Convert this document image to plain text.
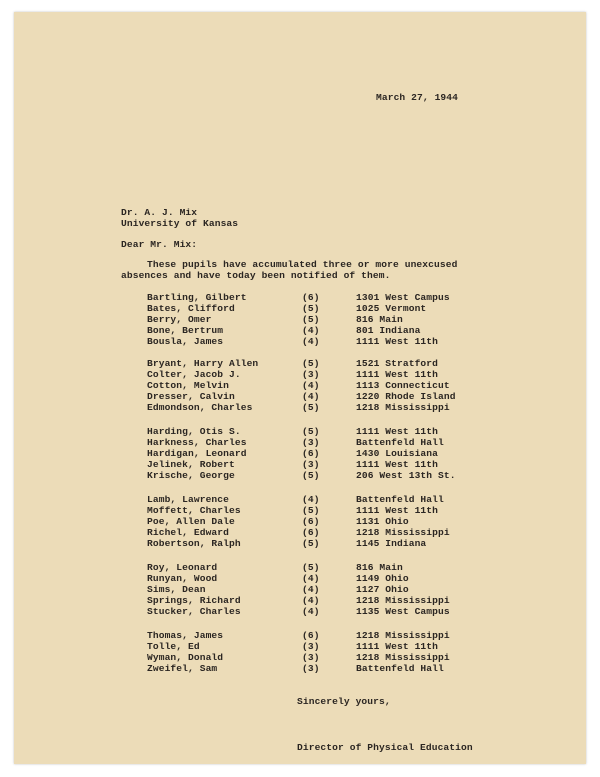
March 27, 1944
Dr. A. J. Mix
University of Kansas
Dear Mr. Mix:
These pupils have accumulated three or more unexcused
absences and have today been notified of them.
Bartling, Gilbert	(6)	1301 West Campus
Bates, Clifford	(5)	1025 Vermont
Berry, Omer	(5)	816 Main
Bone, Bertrum	(4)	801 Indiana
Bousla, James	(4)	1111 West 11th
Bryant, Harry Allen	(5)	1521 Stratford
Colter, Jacob J.	(3)	1111 West 11th
Cotton, Melvin	(4)	1113 Connecticut
Dresser, Calvin	(4)	1220 Rhode Island
Edmondson, Charles	(5)	1218 Mississippi
Harding, Otis S.	(5)	1111 West 11th
Harkness, Charles	(3)	Battenfeld Hall
Hardigan, Leonard	(6)	1430 Louisiana
Jelinek, Robert	(3)	1111 West 11th
Krische, George	(5)	206 West 13th St.
Lamb, Lawrence	(4)	Battenfeld Hall
Moffett, Charles	(5)	1111 West 11th
Poe, Allen Dale	(6)	1131 Ohio
Richel, Edward	(6)	1218 Mississippi
Robertson, Ralph	(5)	1145 Indiana
Roy, Leonard	(5)	816 Main
Runyan, Wood	(4)	1149 Ohio
Sims, Dean	(4)	1127 Ohio
Springs, Richard	(4)	1218 Mississippi
Stucker, Charles	(4)	1135 West Campus
Thomas, James	(6)	1218 Mississippi
Tolle, Ed	(3)	1111 West 11th
Wyman, Donald	(3)	1218 Mississippi
Zweifel, Sam	(3)	Battenfeld Hall
Sincerely yours,
Director of Physical Education
